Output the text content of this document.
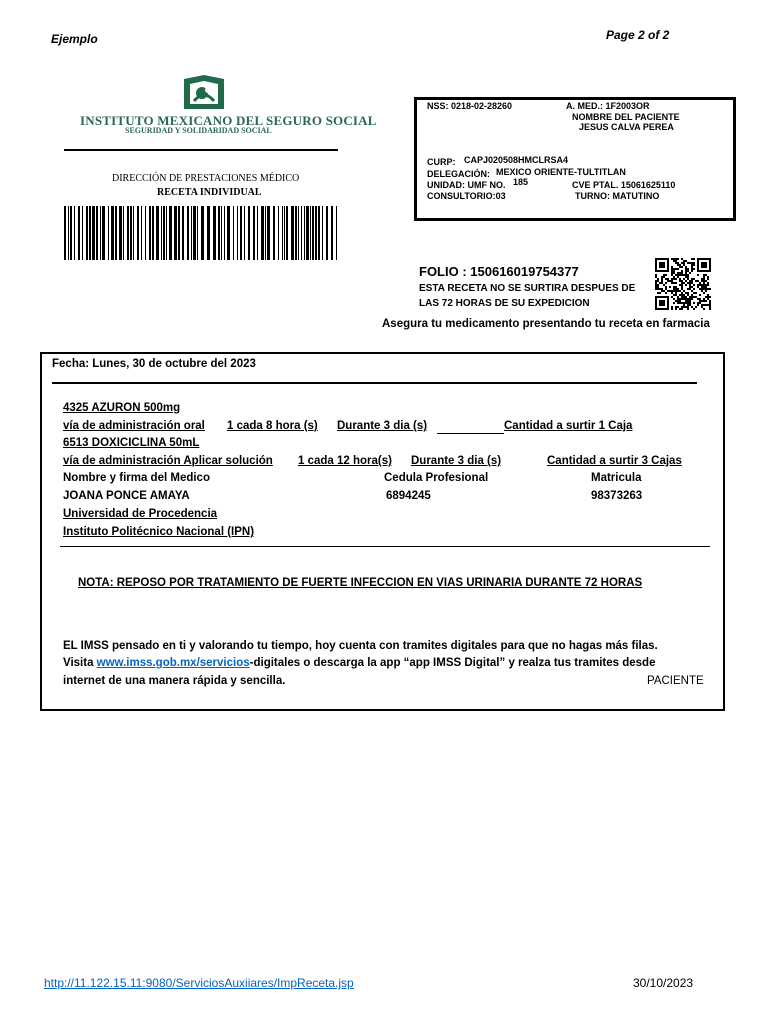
Ejemplo	Page 2 of 2
INSTITUTO MEXICANO DEL SEGURO SOCIAL
SEGURIDAD Y SOLIDARIDAD SOCIAL
DIRECCIÓN DE PRESTACIONES MÉDICO
RECETA INDIVIDUAL
NSS: 0218-02-28260	A. MED.: 1F2003OR
NOMBRE DEL PACIENTE
JESUS CALVA PEREA
CURP: CAPJ020508HMCLRSA4
DELEGACIÓN: MEXICO ORIENTE-TULTITLAN
UNIDAD: UMF NO. 185	CVE PTAL. 15061625110
CONSULTORIO:03	TURNO: MATUTINO
FOLIO : 150616019754377
ESTA RECETA NO SE SURTIRA DESPUES DE
LAS 72 HORAS DE SU EXPEDICION
Asegura tu medicamento presentando tu receta en farmacia
Fecha: Lunes, 30 de octubre del 2023
4325 AZURON 500mg
vía de administración oral 1 cada 8 hora (s) Durante 3 dia (s)	Cantidad a surtir 1 Caja
6513 DOXICICLINA 50mL
vía de administración Aplicar solución 1 cada 12 hora(s) Durante 3 dia (s)	Cantidad a surtir 3 Cajas
Nombre y firma del Medico	Cedula Profesional	Matricula
JOANA PONCE AMAYA	6894245	98373263
Universidad de Procedencia
Instituto Politécnico Nacional (IPN)
NOTA: REPOSO POR TRATAMIENTO DE FUERTE INFECCION EN VIAS URINARIA DURANTE 72 HORAS
EL IMSS pensado en ti y valorando tu tiempo, hoy cuenta con tramites digitales para que no hagas más filas.
Visita www.imss.gob.mx/servicios-digitales o descarga la app “app IMSS Digital” y realza tus tramites desde
internet de una manera rápida y sencilla.	PACIENTE
http://11.122.15.11:9080/ServiciosAuxiiares/ImpReceta.jsp	30/10/2023
